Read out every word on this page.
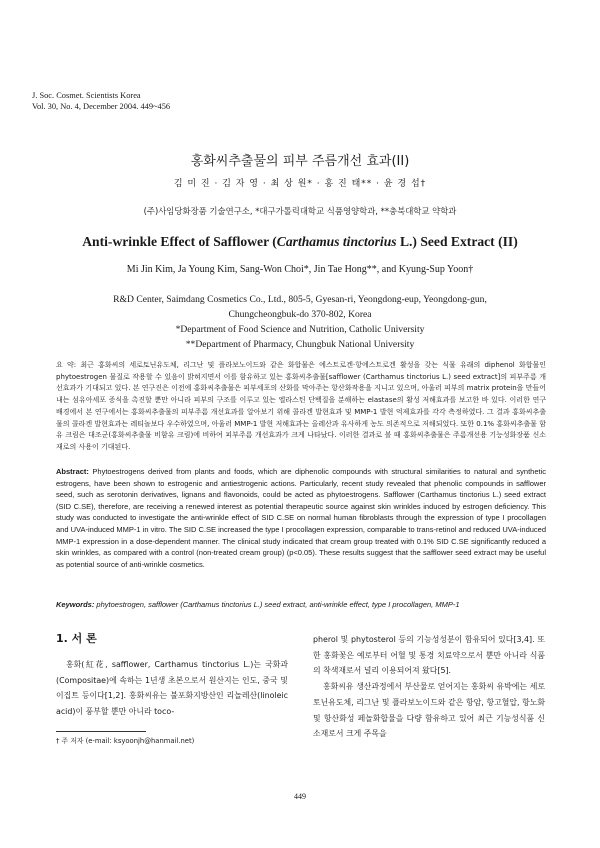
J. Soc. Cosmet. Scientists Korea
Vol. 30, No. 4, December 2004. 449~456
홍화씨추출물의 피부 주름개선 효과(II)
김 미 진 · 김 자 영 · 최 상 원* · 홍 진 태** · 윤 경 섭†
(주)사임당화장품 기술연구소, *대구가톨릭대학교 식품영양학과, **충북대학교 약학과
Anti-wrinkle Effect of Safflower (Carthamus tinctorius L.) Seed Extract (II)
Mi Jin Kim, Ja Young Kim, Sang-Won Choi*, Jin Tae Hong**, and Kyung-Sup Yoon†

R&D Center, Saimdang Cosmetics Co., Ltd., 805-5, Gyesan-ri, Yeongdong-eup, Yeongdong-gun,

Chungcheongbuk-do 370-802, Korea

*Department of Food Science and Nutrition, Catholic University

**Department of Pharmacy, Chungbuk National University

요 약: 최근 홍화씨의 세로토닌유도체, 리그난 및 플라보노이드와 같은 화합물은 에스트로겐·항에스트로겐 활성을 갖는 식물 유래의 diphenol 화합물인 phytoestrogen 물질로 작용할 수 있음이 밝혀지면서 이를 함유하고 있는 홍화씨추출물[safflower (Carthamus tinctorius L.) seed extract]의 피부주름 개선효과가 기대되고 있다. 본 연구진은 이전에 홍화씨추출물은 피부세포의 산화를 막아주는 항산화작용을 지니고 있으며, 아울러 피부의 matrix protein을 만들어내는 섬유아세포 증식을 촉진할 뿐만 아니라 피부의 구조를 이루고 있는 엘라스틴 단백질을 분해하는 elastase의 활성 저해효과를 보고한 바 있다. 이러한 연구 배경에서 본 연구에서는 홍화씨추출물의 피부주름 개선효과를 알아보기 위해 콜라겐 발현효과 및 MMP-1 발현 억제효과를 각각 측정하였다. 그 결과 홍화씨추출물의 콜라겐 발현효과는 레티놀보다 우수하였으며, 아울러 MMP-1 발현 저해효과는 올레산과 유사하게 농도 의존적으로 저해되었다. 또한 0.1% 홍화씨추출물 함유 크림은 대조군(홍화씨추출물 비함유 크림)에 비하여 피부주름 개선효과가 크게 나타났다. 이러한 결과로 볼 때 홍화씨추출물은 주름개선용 기능성화장품 신소재로의 사용이 기대된다.
Abstract: Phytoestrogens derived from plants and foods, which are diphenolic compounds with structural similarities to natural and synthetic estrogens, have been shown to estrogenic and antiestrogenic actions. Particularly, recent study revealed that phenolic compounds in safflower seed, such as serotonin derivatives, lignans and flavonoids, could be acted as phytoestrogens. Safflower (Carthamus tinctorius L.) seed extract (SID C.SE), therefore, are receiving a renewed interest as potential therapeutic source against skin wrinkles induced by estrogen deficiency. This study was conducted to investigate the anti-wrinkle effect of SID C.SE on normal human fibroblasts through the expression of type I procollagen and UVA-induced MMP-1 in vitro. The SID C.SE increased the type I procollagen expression, comparable to trans-retinol and reduced UVA-induced MMP-1 expression in a dose-dependent manner. The clinical study indicated that cream group treated with 0.1% SID C.SE significantly reduced a skin wrinkles, as compared with a control (non-treated cream group) (p<0.05). These results suggest that the safflower seed extract may be useful as potential source of anti-wrinkle cosmetics.
Keywords: phytoestrogen, safflower (Carthamus tinctorius L.) seed extract, anti-wrinkle effect, type I procollagen, MMP-1
1. 서 론

홍화(紅花, safflower, Carthamus tinctorius L.)는 국화과(Compositae)에 속하는 1년생 초본으로서 원산지는 인도, 중국 및 이집트 등이다[1,2]. 홍화씨유는 불포화지방산인 리놀레산(linoleic acid)이 풍부할 뿐만 아니라 toco-

pherol 및 phytosterol 등의 기능성성분이 함유되어 있다[3,4]. 또한 홍화꽃은 예로부터 어혈 및 통경 치료약으로서 뿐만 아니라 식품의 착색재로서 널리 이용되어져 왔다[5].

홍화씨유 생산과정에서 부산물로 얻어지는 홍화씨 유박에는 세로토닌유도체, 리그난 및 플라보노이드와 같은 항암, 항고혈압, 항노화 및 항산화성 페놀화합물을 다량 함유하고 있어 최근 기능성식품 신소재로서 크게 주목을

† 주 저자 (e-mail: ksyoonjh@hanmail.net)
449
